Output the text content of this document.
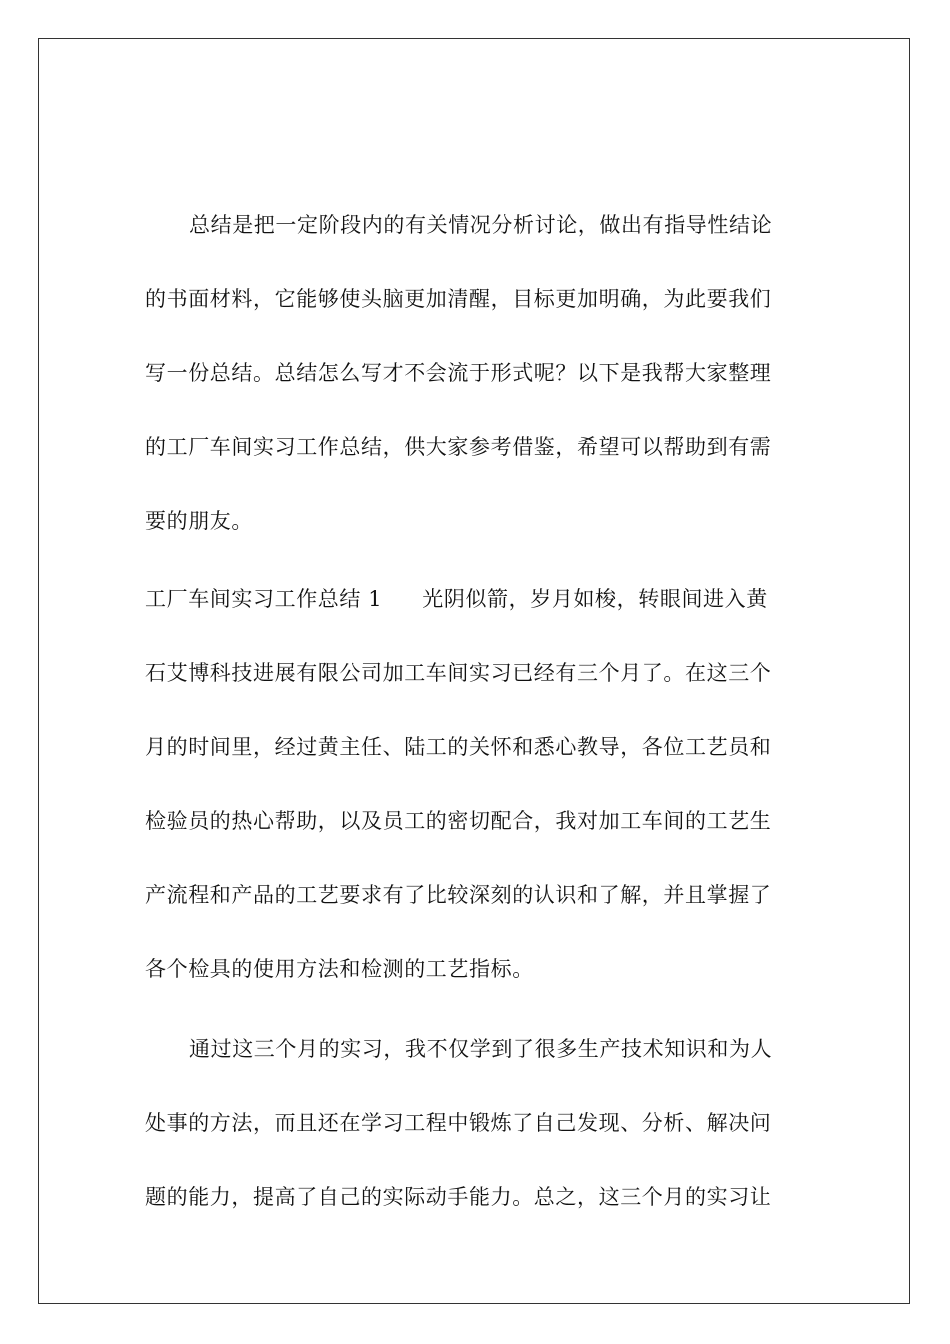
总结是把一定阶段内的有关情况分析讨论，做出有指导性结论
的书面材料，它能够使头脑更加清醒，目标更加明确，为此要我们
写一份总结。总结怎么写才不会流于形式呢？以下是我帮大家整理
的工厂车间实习工作总结，供大家参考借鉴，希望可以帮助到有需
要的朋友。
工厂车间实习工作总结 1 光阴似箭，岁月如梭，转眼间进入黄
石艾博科技进展有限公司加工车间实习已经有三个月了。在这三个
月的时间里，经过黄主任、陆工的关怀和悉心教导，各位工艺员和
检验员的热心帮助，以及员工的密切配合，我对加工车间的工艺生
产流程和产品的工艺要求有了比较深刻的认识和了解，并且掌握了
各个检具的使用方法和检测的工艺指标。
通过这三个月的实习，我不仅学到了很多生产技术知识和为人
处事的方法，而且还在学习工程中锻炼了自己发现、分析、解决问
题的能力，提高了自己的实际动手能力。总之，这三个月的实习让
